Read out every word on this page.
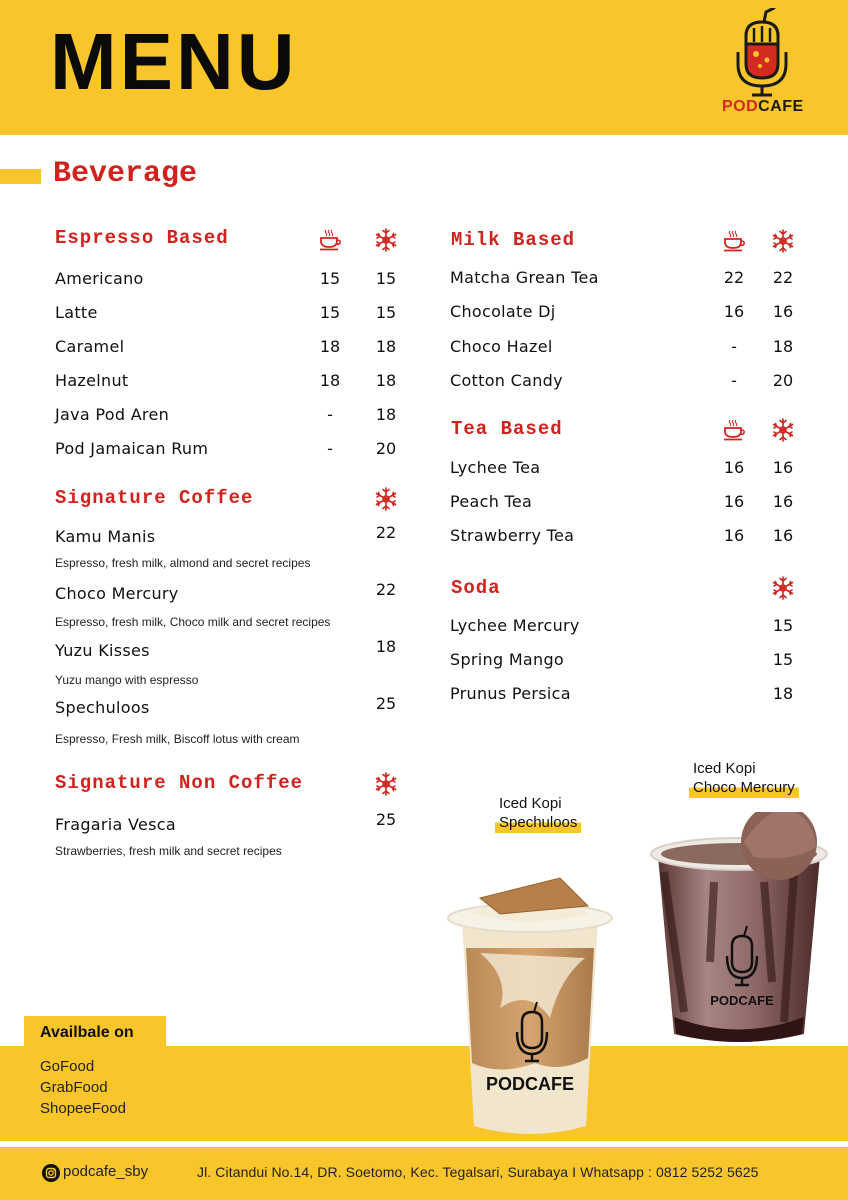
MENU
PODCAFE
Beverage
Espresso Based
Americano	15	15
Latte	15	15
Caramel	18	18
Hazelnut	18	18
Java Pod Aren	-	18
Pod Jamaican Rum	-	20
Signature Coffee
Kamu Manis	22
Espresso, fresh milk, almond and secret recipes
Choco Mercury	22
Espresso, fresh milk, Choco milk and secret recipes
Yuzu Kisses	18
Yuzu mango with espresso
Spechuloos	25
Espresso, Fresh milk, Biscoff lotus with cream
Signature Non Coffee
Fragaria Vesca	25
Strawberries, fresh milk and secret recipes
Milk Based
Matcha Grean Tea	22	22
Chocolate Dj	16	16
Choco Hazel	-	18
Cotton Candy	-	20
Tea Based
Lychee Tea	16	16
Peach Tea	16	16
Strawberry Tea	16	16
Soda
Lychee Mercury	15
Spring Mango	15
Prunus Persica	18
Iced Kopi
Spechuloos
Iced Kopi
Choco Mercury
PODCAFE
PODCAFE
Availbale on
GoFood
GrabFood
ShopeeFood
podcafe_sby	Jl. Citandui No.14, DR. Soetomo, Kec. Tegalsari, Surabaya I Whatsapp : 0812 5252 5625
